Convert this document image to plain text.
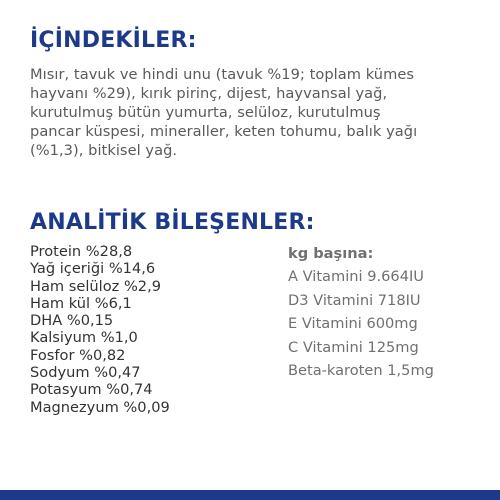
İÇİNDEKİLER:

Mısır, tavuk ve hindi unu (tavuk %19; toplam kümes
hayvanı %29), kırık pirinç, dijest, hayvansal yağ,
kurutulmuş bütün yumurta, selüloz, kurutulmuş
pancar küspesi, mineraller, keten tohumu, balık yağı
(%1,3), bitkisel yağ.

ANALİTİK BİLEŞENLER:
Protein %28,8
Yağ içeriği %14,6
Ham selüloz %2,9
Ham kül %6,1
DHA %0,15
Kalsiyum %1,0
Fosfor %0,82
Sodyum %0,47
Potasyum %0,74
Magnezyum %0,09
kg başına:
A Vitamini 9.664IU
D3 Vitamini 718IU
E Vitamini 600mg
C Vitamini 125mg
Beta-karoten 1,5mg
